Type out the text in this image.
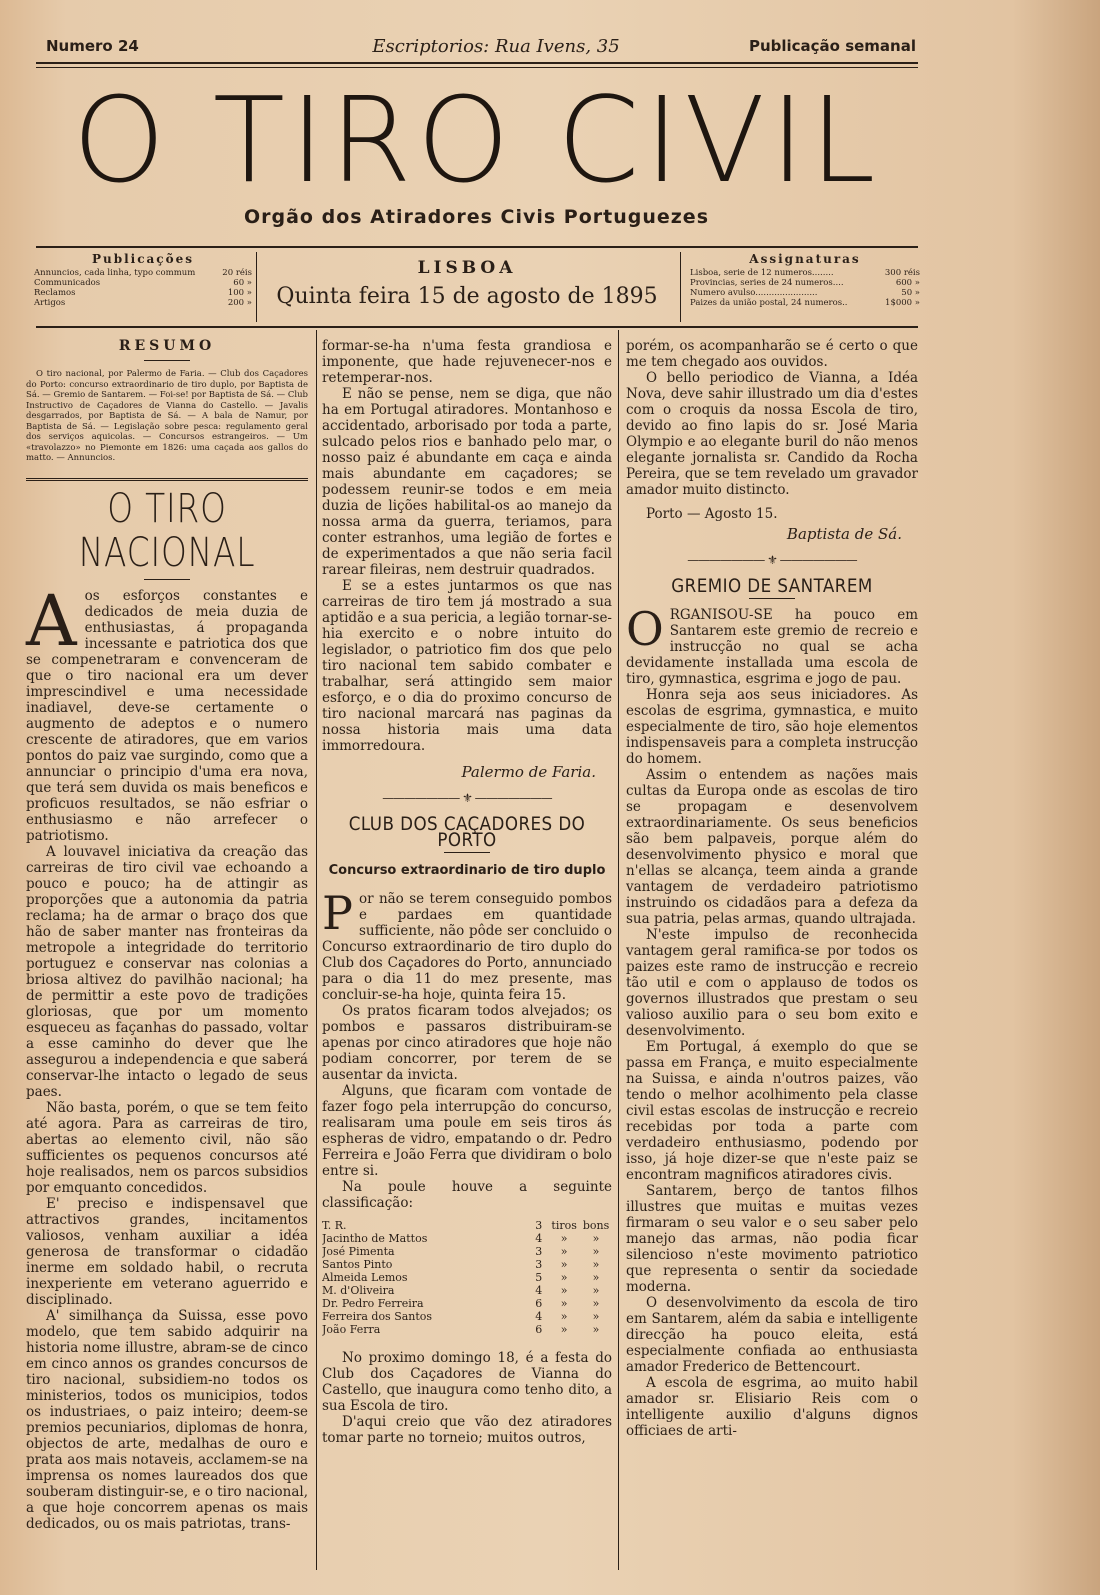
Numero 24	Escriptorios: Rua Ivens, 35	Publicação semanal
O TIRO CIVIL
Orgão dos Atiradores Civis Portuguezes
Publicações
Annuncios, cada linha, typo commum	20 réis
Communicados	60 »
Reclamos	100 »
Artigos	200 »
LISBOA
Quinta feira 15 de agosto de 1895
Assignaturas
Lisboa, serie de 12 numeros........	300 réis
Provincias, series de 24 numeros....	600 »
Numero avulso.......................	50 »
Paizes da união postal, 24 numeros..	1$000 »
RESUMO
O tiro nacional, por Palermo de Faria. — Club dos Caçadores do Porto: concurso extraordinario de tiro duplo, por Baptista de Sá. — Gremio de Santarem. — Foi-se! por Baptista de Sá. — Club Instructivo de Caçadores de Vianna do Castello. — Javalis desgarrados, por Baptista de Sá. — A bala de Namur, por Baptista de Sá. — Legislação sobre pesca: regulamento geral dos serviços aquicolas. — Concursos estrangeiros. — Um «travolazzo» no Piemonte em 1826: uma caçada aos gallos do matto. — Annuncios.
O TIRO NACIONAL

Aos esforços constantes e dedicados de meia duzia de enthusiastas, á propaganda incessante e patriotica dos que se compenetraram e convenceram de que o tiro nacional era um dever imprescindivel e uma necessidade inadiavel, deve-se certamente o augmento de adeptos e o numero crescente de atiradores, que em varios pontos do paiz vae surgindo, como que a annunciar o principio d'uma era nova, que terá sem duvida os mais beneficos e proficuos resultados, se não esfriar o enthusiasmo e não arrefecer o patriotismo.

A louvavel iniciativa da creação das carreiras de tiro civil vae echoando a pouco e pouco; ha de attingir as proporções que a autonomia da patria reclama; ha de armar o braço dos que hão de saber manter nas fronteiras da metropole a integridade do territorio portuguez e conservar nas colonias a briosa altivez do pavilhão nacional; ha de permittir a este povo de tradições gloriosas, que por um momento esqueceu as façanhas do passado, voltar a esse caminho do dever que lhe assegurou a independencia e que saberá conservar-lhe intacto o legado de seus paes.

Não basta, porém, o que se tem feito até agora. Para as carreiras de tiro, abertas ao elemento civil, não são sufficientes os pequenos concursos até hoje realisados, nem os parcos subsidios por emquanto concedidos.

E' preciso e indispensavel que attractivos grandes, incitamentos valiosos, venham auxiliar a idéa generosa de transformar o cidadão inerme em soldado habil, o recruta inexperiente em veterano aguerrido e disciplinado.

A' similhança da Suissa, esse povo modelo, que tem sabido adquirir na historia nome illustre, abram-se de cinco em cinco annos os grandes concursos de tiro nacional, subsidiem-no todos os ministerios, todos os municipios, todos os industriaes, o paiz inteiro; deem-se premios pecuniarios, diplomas de honra, objectos de arte, medalhas de ouro e prata aos mais notaveis, acclamem-se na imprensa os nomes laureados dos que souberam distinguir-se, e o tiro nacional, a que hoje concorrem apenas os mais dedicados, ou os mais patriotas, trans-

formar-se-ha n'uma festa grandiosa e imponente, que hade rejuvenecer-nos e retemperar-nos.

E não se pense, nem se diga, que não ha em Portugal atiradores. Montanhoso e accidentado, arborisado por toda a parte, sulcado pelos rios e banhado pelo mar, o nosso paiz é abundante em caça e ainda mais abundante em caçadores; se podessem reunir-se todos e em meia duzia de lições habilital-os ao manejo da nossa arma da guerra, teriamos, para conter estranhos, uma legião de fortes e de experimentados a que não seria facil rarear fileiras, nem destruir quadrados.

E se a estes juntarmos os que nas carreiras de tiro tem já mostrado a sua aptidão e a sua pericia, a legião tornar-se-hia exercito e o nobre intuito do legislador, o patriotico fim dos que pelo tiro nacional tem sabido combater e trabalhar, será attingido sem maior esforço, e o dia do proximo concurso de tiro nacional marcará nas paginas da nossa historia mais uma data immorredoura.

Palermo de Faria.
——————— ⚜ ———————
CLUB DOS CAÇADORES DO PORTO
Concurso extraordinario de tiro duplo

Por não se terem conseguido pombos e pardaes em quantidade sufficiente, não pôde ser concluido o Concurso extraordinario de tiro duplo do Club dos Caçadores do Porto, annunciado para o dia 11 do mez presente, mas concluir-se-ha hoje, quinta feira 15.

Os pratos ficaram todos alvejados; os pombos e passaros distribuiram-se apenas por cinco atiradores que hoje não podiam concorrer, por terem de se ausentar da invicta.

Alguns, que ficaram com vontade de fazer fogo pela interrupção do concurso, realisaram uma poule em seis tiros ás espheras de vidro, empatando o dr. Pedro Ferreira e João Ferra que dividiram o bolo entre si.

Na poule houve a seguinte classificação:

T. R.	3	tiros	bons
Jacintho de Mattos	4	»	»
José Pimenta	3	»	»
Santos Pinto	3	»	»
Almeida Lemos	5	»	»
M. d'Oliveira	4	»	»
Dr. Pedro Ferreira	6	»	»
Ferreira dos Santos	4	»	»
João Ferra	6	»	»

No proximo domingo 18, é a festa do Club dos Caçadores de Vianna do Castello, que inaugura como tenho dito, a sua Escola de tiro.

D'aqui creio que vão dez atiradores tomar parte no torneio; muitos outros,

porém, os acompanharão se é certo o que me tem chegado aos ouvidos.

O bello periodico de Vianna, a Idéa Nova, deve sahir illustrado um dia d'estes com o croquis da nossa Escola de tiro, devido ao fino lapis do sr. José Maria Olympio e ao elegante buril do não menos elegante jornalista sr. Candido da Rocha Pereira, que se tem revelado um gravador amador muito distincto.

Porto — Agosto 15.

Baptista de Sá.
——————— ⚜ ———————
GREMIO DE SANTAREM

ORGANISOU-SE ha pouco em Santarem este gremio de recreio e instrucção no qual se acha devidamente installada uma escola de tiro, gymnastica, esgrima e jogo de pau.

Honra seja aos seus iniciadores. As escolas de esgrima, gymnastica, e muito especialmente de tiro, são hoje elementos indispensaveis para a completa instrucção do homem.

Assim o entendem as nações mais cultas da Europa onde as escolas de tiro se propagam e desenvolvem extraordinariamente. Os seus beneficios são bem palpaveis, porque além do desenvolvimento physico e moral que n'ellas se alcança, teem ainda a grande vantagem de verdadeiro patriotismo instruindo os cidadãos para a defeza da sua patria, pelas armas, quando ultrajada.

N'este impulso de reconhecida vantagem geral ramifica-se por todos os paizes este ramo de instrucção e recreio tão util e com o applauso de todos os governos illustrados que prestam o seu valioso auxilio para o seu bom exito e desenvolvimento.

Em Portugal, á exemplo do que se passa em França, e muito especialmente na Suissa, e ainda n'outros paizes, vão tendo o melhor acolhimento pela classe civil estas escolas de instrucção e recreio recebidas por toda a parte com verdadeiro enthusiasmo, podendo por isso, já hoje dizer-se que n'este paiz se encontram magnificos atiradores civis.

Santarem, berço de tantos filhos illustres que muitas e muitas vezes firmaram o seu valor e o seu saber pelo manejo das armas, não podia ficar silencioso n'este movimento patriotico que representa o sentir da sociedade moderna.

O desenvolvimento da escola de tiro em Santarem, além da sabia e intelligente direcção ha pouco eleita, está especialmente confiada ao enthusiasta amador Frederico de Bettencourt.

A escola de esgrima, ao muito habil amador sr. Elisiario Reis com o intelligente auxilio d'alguns dignos officiaes de arti-
